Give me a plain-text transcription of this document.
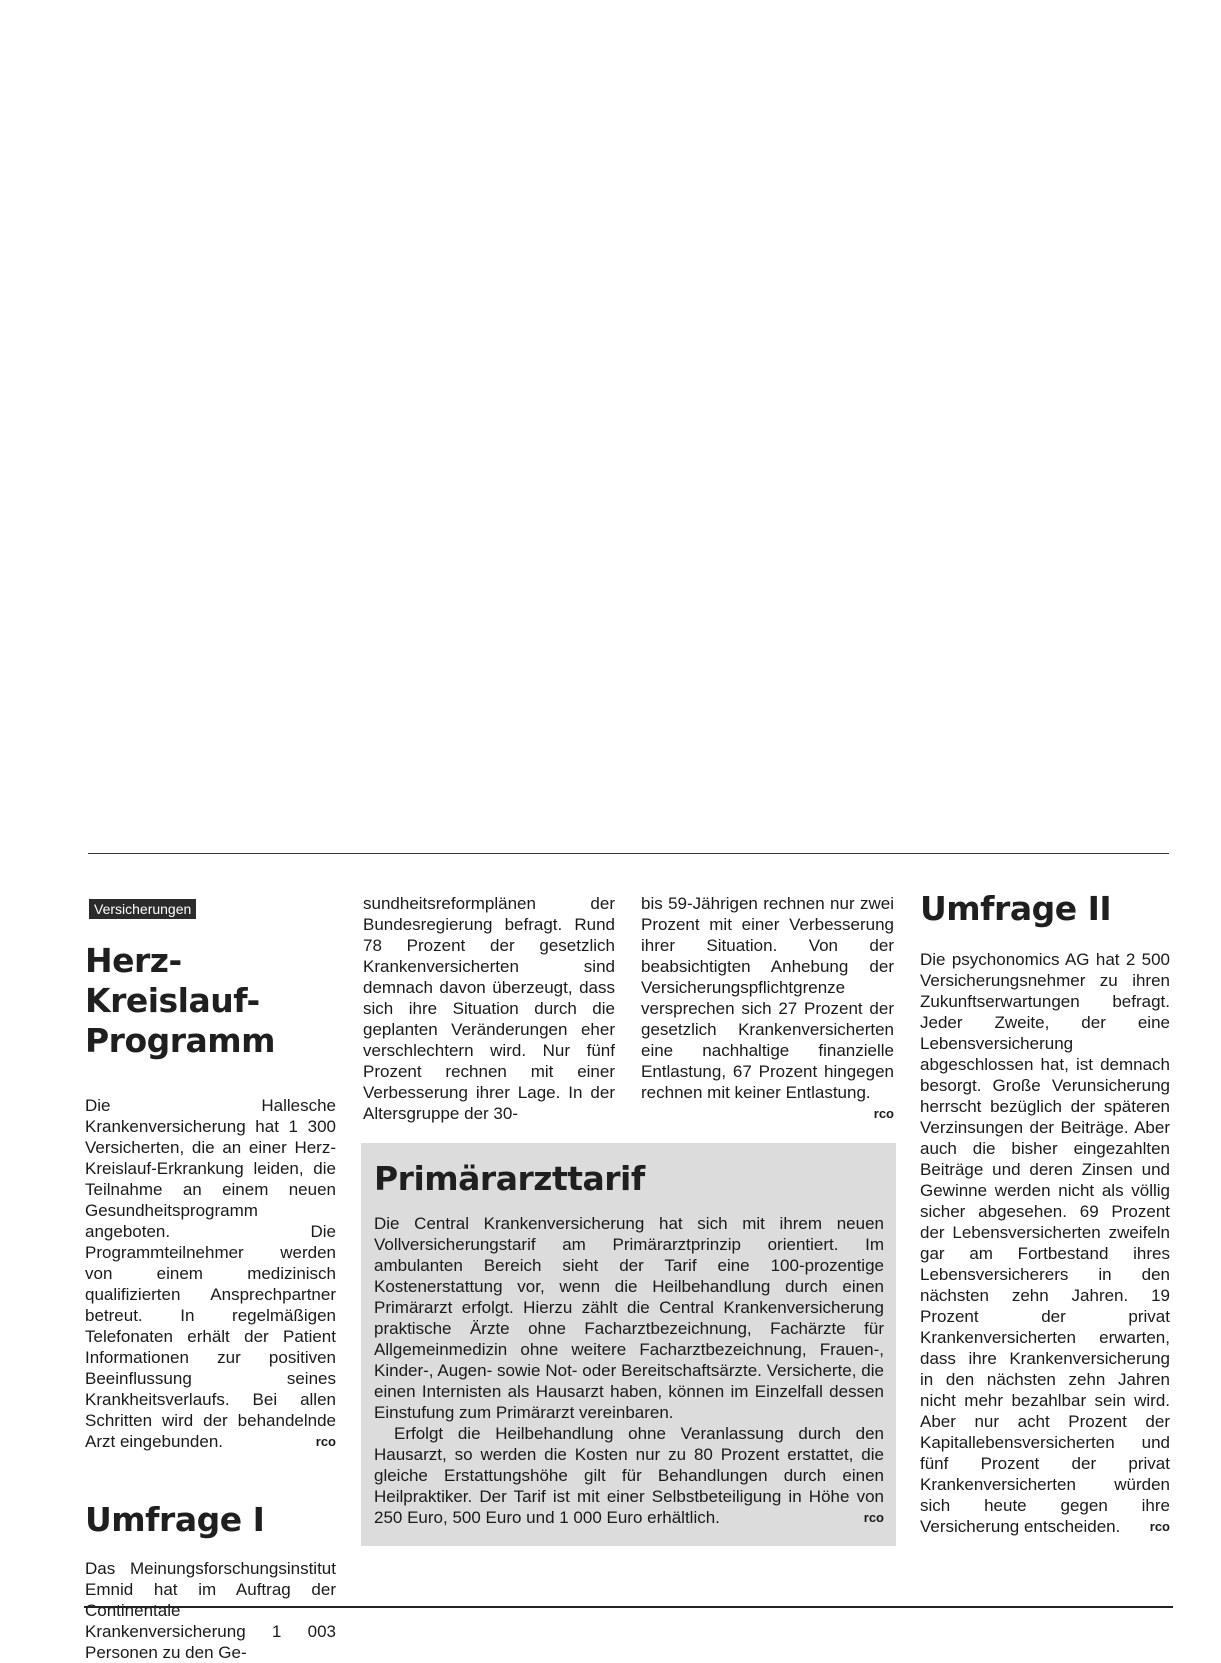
Versicherungen
Herz-Kreislauf-Programm

Die Hallesche Krankenversicherung hat 1 300 Versicherten, die an einer Herz-Kreislauf-Erkrankung leiden, die Teilnahme an einem neuen Gesundheitsprogramm angeboten. Die Programmteilnehmer werden von einem medizinisch qualifizierten Ansprechpartner betreut. In regelmäßigen Telefonaten erhält der Patient Informationen zur positiven Beeinflussung seines Krankheitsverlaufs. Bei allen Schritten wird der behandelnde Arzt eingebunden.	rco

Umfrage I

Das Meinungsforschungsinstitut Emnid hat im Auftrag der Continentale Krankenversicherung 1 003 Personen zu den Ge-

sundheitsreformplänen der Bundesregierung befragt. Rund 78 Prozent der gesetzlich Krankenversicherten sind demnach davon überzeugt, dass sich ihre Situation durch die geplanten Veränderungen eher verschlechtern wird. Nur fünf Prozent rechnen mit einer Verbesserung ihrer Lage. In der Altersgruppe der 30-

bis 59-Jährigen rechnen nur zwei Prozent mit einer Verbesserung ihrer Situation. Von der beabsichtigten Anhebung der Versicherungspflichtgrenze versprechen sich 27 Prozent der gesetzlich Krankenversicherten eine nachhaltige finanzielle Entlastung, 67 Prozent hingegen rechnen mit keiner Entlastung.
rco

Umfrage II

Die psychonomics AG hat 2 500 Versicherungsnehmer zu ihren Zukunftserwartungen befragt. Jeder Zweite, der eine Lebensversicherung abgeschlossen hat, ist demnach besorgt. Große Verunsicherung herrscht bezüglich der späteren Verzinsungen der Beiträge. Aber auch die bisher eingezahlten Beiträge und deren Zinsen und Gewinne werden nicht als völlig sicher abgesehen. 69 Prozent der Lebensversicherten zweifeln gar am Fortbestand ihres Lebensversicherers in den nächsten zehn Jahren. 19 Prozent der privat Krankenversicherten erwarten, dass ihre Krankenversicherung in den nächsten zehn Jahren nicht mehr bezahlbar sein wird. Aber nur acht Prozent der Kapitallebensversicherten und fünf Prozent der privat Krankenversicherten würden sich heute gegen ihre Versicherung entscheiden.	rco

Primärarzttarif

Die Central Krankenversicherung hat sich mit ihrem neuen Vollversicherungstarif am Primärarztprinzip orientiert. Im ambulanten Bereich sieht der Tarif eine 100-prozentige Kostenerstattung vor, wenn die Heilbehandlung durch einen Primärarzt erfolgt. Hierzu zählt die Central Krankenversicherung praktische Ärzte ohne Facharztbezeichnung, Fachärzte für Allgemeinmedizin ohne weitere Facharztbezeichnung, Frauen-, Kinder-, Augen- sowie Not- oder Bereitschaftsärzte. Versicherte, die einen Internisten als Hausarzt haben, können im Einzelfall dessen Einstufung zum Primärarzt vereinbaren.

Erfolgt die Heilbehandlung ohne Veranlassung durch den Hausarzt, so werden die Kosten nur zu 80 Prozent erstattet, die gleiche Erstattungshöhe gilt für Behandlungen durch einen Heilpraktiker. Der Tarif ist mit einer Selbstbeteiligung in Höhe von 250 Euro, 500 Euro und 1 000 Euro erhältlich.	rco
